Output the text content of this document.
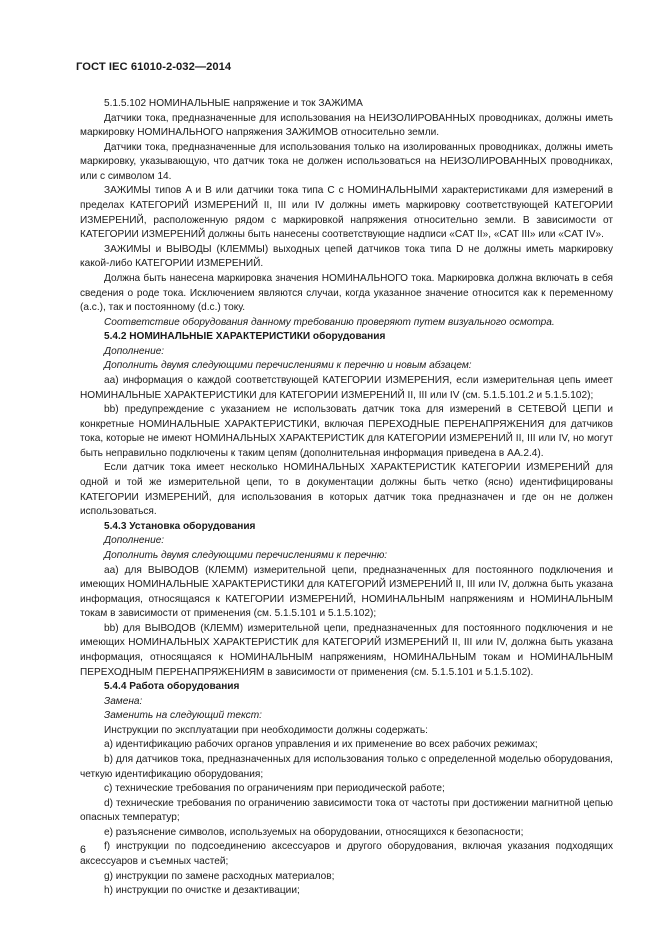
ГОСТ IEC 61010-2-032—2014

5.1.5.102 НОМИНАЛЬНЫЕ напряжение и ток ЗАЖИМА

Датчики тока, предназначенные для использования на НЕИЗОЛИРОВАННЫХ проводниках, должны иметь маркировку НОМИНАЛЬНОГО напряжения ЗАЖИМОВ относительно земли.

Датчики тока, предназначенные для использования только на изолированных проводниках, должны иметь маркировку, указывающую, что датчик тока не должен использоваться на НЕИЗОЛИРОВАННЫХ проводниках, или с символом 14.

ЗАЖИМЫ типов A и B или датчики тока типа C с НОМИНАЛЬНЫМИ характеристиками для измерений в пределах КАТЕГОРИЙ ИЗМЕРЕНИЙ II, III или IV должны иметь маркировку соответствующей КАТЕГОРИИ ИЗМЕРЕНИЙ, расположенную рядом с маркировкой напряжения относительно земли. В зависимости от КАТЕГОРИИ ИЗМЕРЕНИЙ должны быть нанесены соответствующие надписи «CAT II», «CAT III» или «CAT IV».

ЗАЖИМЫ и ВЫВОДЫ (КЛЕММЫ) выходных цепей датчиков тока типа D не должны иметь маркировку какой-либо КАТЕГОРИИ ИЗМЕРЕНИЙ.

Должна быть нанесена маркировка значения НОМИНАЛЬНОГО тока. Маркировка должна включать в себя сведения о роде тока. Исключением являются случаи, когда указанное значение относится как к переменному (a.c.), так и постоянному (d.c.) току.

Соответствие оборудования данному требованию проверяют путем визуального осмотра.

5.4.2 НОМИНАЛЬНЫЕ ХАРАКТЕРИСТИКИ оборудования

Дополнение:

Дополнить двумя следующими перечислениями к перечню и новым абзацем:

aa) информация о каждой соответствующей КАТЕГОРИИ ИЗМЕРЕНИЯ, если измерительная цепь имеет НОМИНАЛЬНЫЕ ХАРАКТЕРИСТИКИ для КАТЕГОРИИ ИЗМЕРЕНИЙ II, III или IV (см. 5.1.5.101.2 и 5.1.5.102);

bb) предупреждение с указанием не использовать датчик тока для измерений в СЕТЕВОЙ ЦЕПИ и конкретные НОМИНАЛЬНЫЕ ХАРАКТЕРИСТИКИ, включая ПЕРЕХОДНЫЕ ПЕРЕНАПРЯЖЕНИЯ для датчиков тока, которые не имеют НОМИНАЛЬНЫХ ХАРАКТЕРИСТИК для КАТЕГОРИИ ИЗМЕРЕНИЙ II, III или IV, но могут быть неправильно подключены к таким цепям (дополнительная информация приведена в АА.2.4).

Если датчик тока имеет несколько НОМИНАЛЬНЫХ ХАРАКТЕРИСТИК КАТЕГОРИИ ИЗМЕРЕНИЙ для одной и той же измерительной цепи, то в документации должны быть четко (ясно) идентифицированы КАТЕГОРИИ ИЗМЕРЕНИЙ, для использования в которых датчик тока предназначен и где он не должен использоваться.

5.4.3 Установка оборудования

Дополнение:

Дополнить двумя следующими перечислениями к перечню:

aa) для ВЫВОДОВ (КЛЕММ) измерительной цепи, предназначенных для постоянного подключения и имеющих НОМИНАЛЬНЫЕ ХАРАКТЕРИСТИКИ для КАТЕГОРИЙ ИЗМЕРЕНИЙ II, III или IV, должна быть указана информация, относящаяся к КАТЕГОРИИ ИЗМЕРЕНИЙ, НОМИНАЛЬНЫМ напряжениям и НОМИНАЛЬНЫМ токам в зависимости от применения (см. 5.1.5.101 и 5.1.5.102);

bb) для ВЫВОДОВ (КЛЕММ) измерительной цепи, предназначенных для постоянного подключения и не имеющих НОМИНАЛЬНЫХ ХАРАКТЕРИСТИК для КАТЕГОРИЙ ИЗМЕРЕНИЙ II, III или IV, должна быть указана информация, относящаяся к НОМИНАЛЬНЫМ напряжениям, НОМИНАЛЬНЫМ токам и НОМИНАЛЬНЫМ ПЕРЕХОДНЫМ ПЕРЕНАПРЯЖЕНИЯМ в зависимости от применения (см. 5.1.5.101 и 5.1.5.102).

5.4.4 Работа оборудования

Замена:

Заменить на следующий текст:

Инструкции по эксплуатации при необходимости должны содержать:

a) идентификацию рабочих органов управления и их применение во всех рабочих режимах;

b) для датчиков тока, предназначенных для использования только с определенной моделью оборудования, четкую идентификацию оборудования;

c) технические требования по ограничениям при периодической работе;

d) технические требования по ограничению зависимости тока от частоты при достижении магнитной цепью опасных температур;

e) разъяснение символов, используемых на оборудовании, относящихся к безопасности;

f) инструкции по подсоединению аксессуаров и другого оборудования, включая указания подходящих аксессуаров и съемных частей;

g) инструкции по замене расходных материалов;

h) инструкции по очистке и дезактивации;

6
